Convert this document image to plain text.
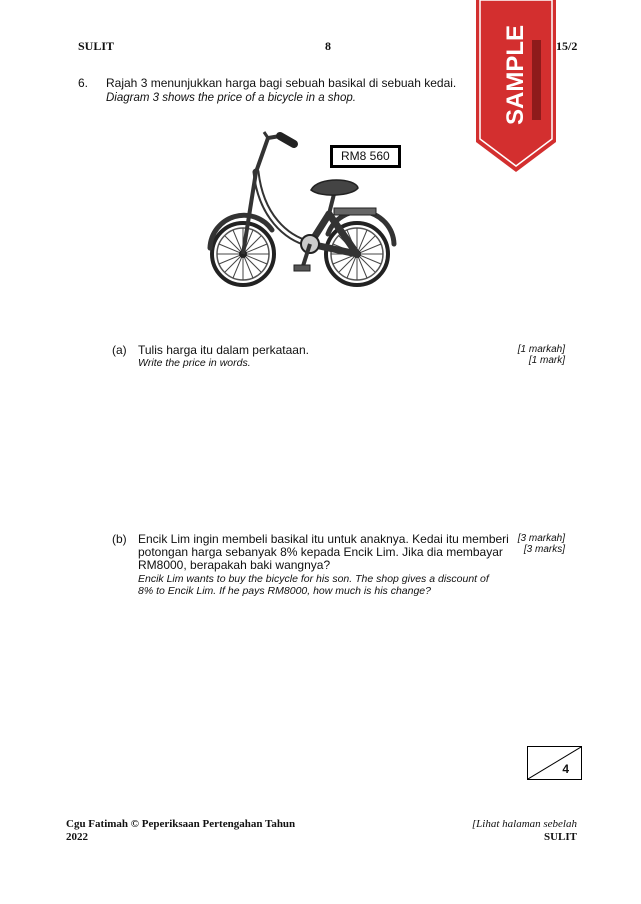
SULIT	8	15/2
SAMPLE
6. Rajah 3 menunjukkan harga bagi sebuah basikal di sebuah kedai.
Diagram 3 shows the price of a bicycle in a shop.
RM8 560
(a) Tulis harga itu dalam perkataan.
Write the price in words.
[1 markah]
[1 mark]
(b) Encik Lim ingin membeli basikal itu untuk anaknya. Kedai itu memberi
potongan harga sebanyak 8% kepada Encik Lim. Jika dia membayar
RM8000, berapakah baki wangnya?
Encik Lim wants to buy the bicycle for his son. The shop gives a discount of
8% to Encik Lim. If he pays RM8000, how much is his change?
[3 markah]
[3 marks]
4
Cgu Fatimah © Peperiksaan Pertengahan Tahun
2022
[Lihat halaman sebelah
SULIT
